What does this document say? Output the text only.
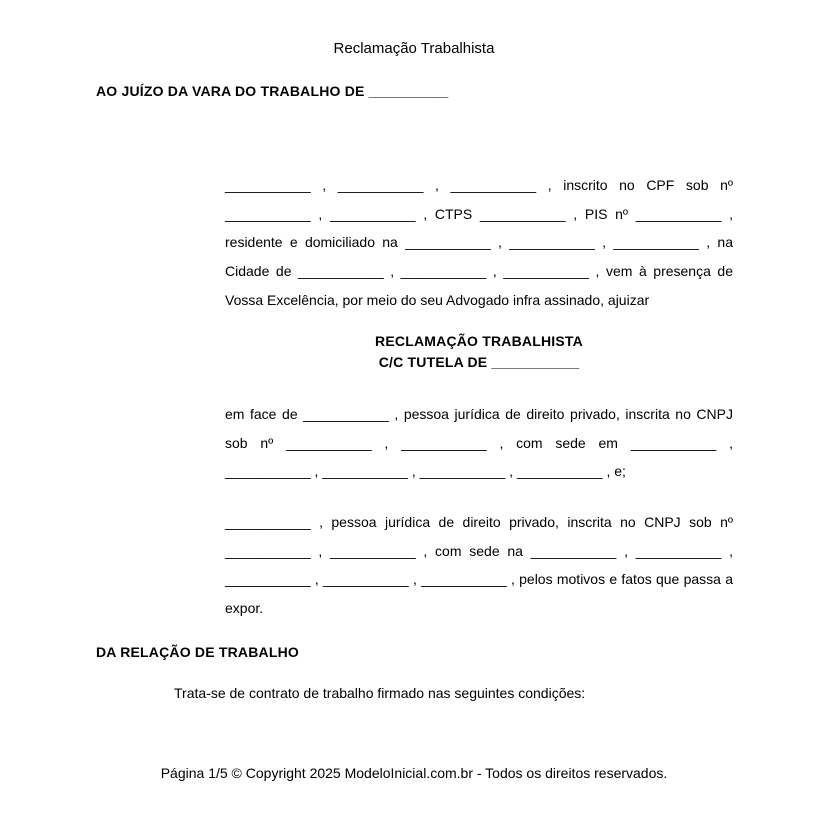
Reclamação Trabalhista
AO JUÍZO DA VARA DO TRABALHO DE __________
___________ , ___________ , ___________ , inscrito no CPF sob nº ___________ , ___________ , CTPS ___________ , PIS nº ___________ , residente e domiciliado na ___________ , ___________ , ___________ , na Cidade de ___________ , ___________ , ___________ , vem à presença de Vossa Excelência, por meio do seu Advogado infra assinado, ajuizar
RECLAMAÇÃO TRABALHISTA
C/C TUTELA DE ___________
em face de ___________ , pessoa jurídica de direito privado, inscrita no CNPJ sob nº ___________ , ___________ , com sede em ___________ , ___________ , ___________ , ___________ , ___________ , e;
___________ , pessoa jurídica de direito privado, inscrita no CNPJ sob nº ___________ , ___________ , com sede na ___________ , ___________ , ___________ , ___________ , ___________ , pelos motivos e fatos que passa a expor.
DA RELAÇÃO DE TRABALHO
Trata-se de contrato de trabalho firmado nas seguintes condições:
Página 1/5 © Copyright 2025 ModeloInicial.com.br - Todos os direitos reservados.
